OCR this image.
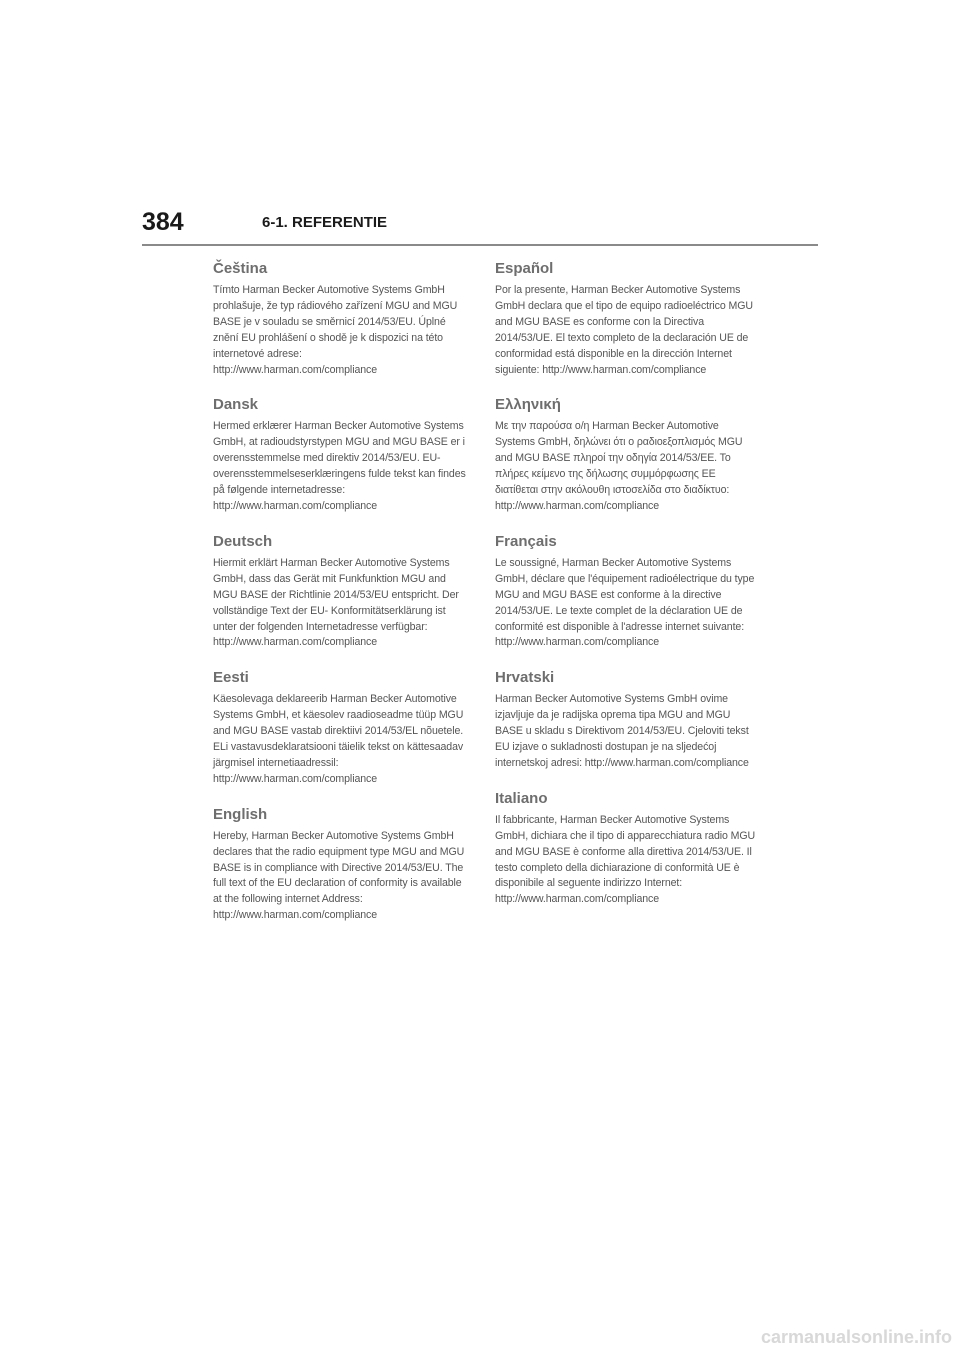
384	6-1. REFERENTIE
Čeština

Tímto Harman Becker Automotive Systems GmbH prohlašuje, že typ rádiového zařízení MGU and MGU BASE je v souladu se směrnicí 2014/53/EU. Úplné znění EU prohlášení o shodě je k dispozici na této internetové adrese: http://www.harman.com/compliance

Dansk

Hermed erklærer Harman Becker Automotive Systems GmbH, at radioudstyrstypen MGU and MGU BASE er i overensstemmelse med direktiv 2014/53/EU. EU- overensstemmelseserklæringens fulde tekst kan findes på følgende internetadresse: http://www.harman.com/compliance

Deutsch

Hiermit erklärt Harman Becker Automotive Systems GmbH, dass das Gerät mit Funkfunktion MGU and MGU BASE der Richtlinie 2014/53/EU entspricht. Der vollständige Text der EU- Konformitätserklärung ist unter der folgenden Internetadresse verfügbar: http://www.harman.com/compliance

Eesti

Käesolevaga deklareerib Harman Becker Automotive Systems GmbH, et käesolev raadioseadme tüüp MGU and MGU BASE vastab direktiivi 2014/53/EL nõuetele. ELi vastavusdeklaratsiooni täielik tekst on kättesaadav järgmisel internetiaadressil: http://www.harman.com/compliance

English

Hereby, Harman Becker Automotive Systems GmbH declares that the radio equipment type MGU and MGU BASE is in compliance with Directive 2014/53/EU. The full text of the EU declaration of conformity is available at the following internet Address: http://www.harman.com/compliance

Español

Por la presente, Harman Becker Automotive Systems GmbH declara que el tipo de equipo radioeléctrico MGU and MGU BASE es conforme con la Directiva 2014/53/UE. El texto completo de la declaración UE de conformidad está disponible en la dirección Internet siguiente: http://www.harman.com/compliance

Ελληνική

Με την παρούσα ο/η Harman Becker Automotive Systems GmbH, δηλώνει ότι ο ραδιοεξοπλισμός MGU and MGU BASE πληροί την οδηγία 2014/53/ΕΕ. Το πλήρες κείμενο της δήλωσης συμμόρφωσης ΕΕ διατίθεται στην ακόλουθη ιστοσελίδα στο διαδίκτυο: http://www.harman.com/compliance

Français

Le soussigné, Harman Becker Automotive Systems GmbH, déclare que l'équipement radioélectrique du type MGU and MGU BASE est conforme à la directive 2014/53/UE. Le texte complet de la déclaration UE de conformité est disponible à l'adresse internet suivante: http://www.harman.com/compliance

Hrvatski

Harman Becker Automotive Systems GmbH ovime izjavljuje da je radijska oprema tipa MGU and MGU BASE u skladu s Direktivom 2014/53/EU. Cjeloviti tekst EU izjave o sukladnosti dostupan je na sljedećoj internetskoj adresi: http://www.harman.com/compliance

Italiano

Il fabbricante, Harman Becker Automotive Systems GmbH, dichiara che il tipo di apparecchiatura radio MGU and MGU BASE è conforme alla direttiva 2014/53/UE. Il testo completo della dichiarazione di conformità UE è disponibile al seguente indirizzo Internet: http://www.harman.com/compliance

carmanualsonline.info
